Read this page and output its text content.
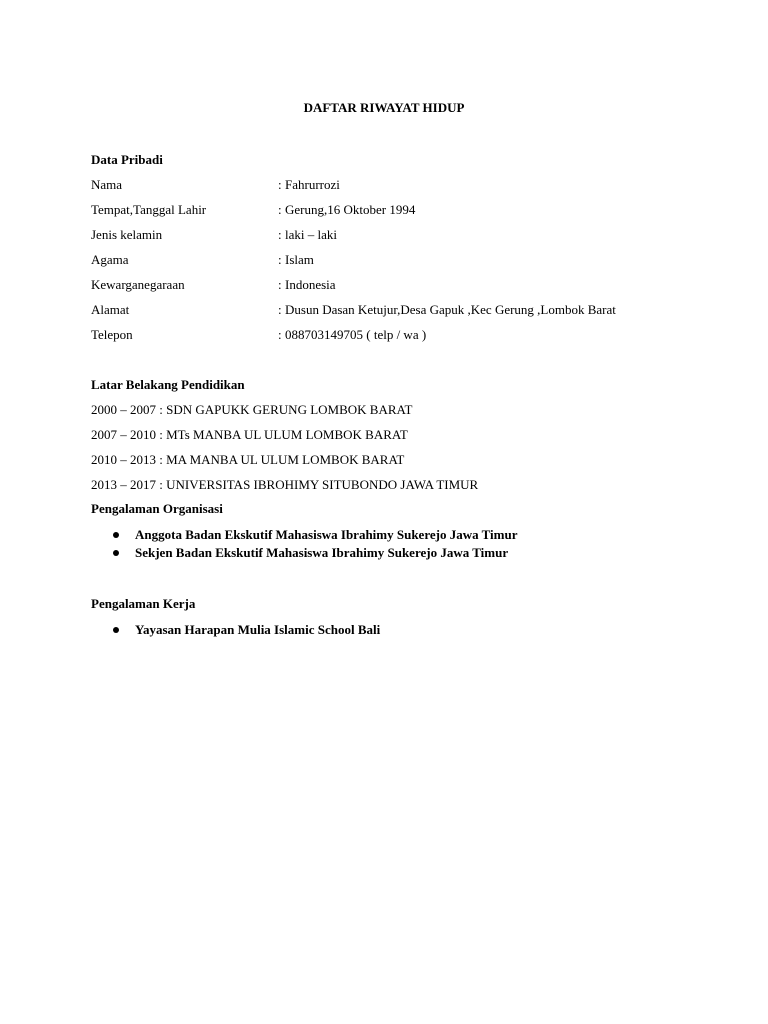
DAFTAR RIWAYAT HIDUP
Data Pribadi
Nama	: Fahrurrozi
Tempat,Tanggal Lahir	: Gerung,16 Oktober 1994
Jenis kelamin	: laki – laki
Agama	: Islam
Kewarganegaraan	: Indonesia
Alamat	: Dusun Dasan Ketujur,Desa Gapuk ,Kec Gerung ,Lombok Barat
Telepon	: 088703149705 ( telp / wa )
Latar Belakang Pendidikan
2000 – 2007 : SDN GAPUKK GERUNG LOMBOK BARAT
2007 – 2010 : MTs MANBA UL ULUM LOMBOK BARAT
2010 – 2013 : MA MANBA UL ULUM LOMBOK BARAT
2013 – 2017 : UNIVERSITAS IBROHIMY SITUBONDO JAWA TIMUR
Pengalaman Organisasi
Anggota Badan Ekskutif Mahasiswa Ibrahimy Sukerejo Jawa Timur
Sekjen Badan Ekskutif Mahasiswa Ibrahimy Sukerejo Jawa Timur
Pengalaman Kerja
Yayasan Harapan Mulia Islamic School Bali
